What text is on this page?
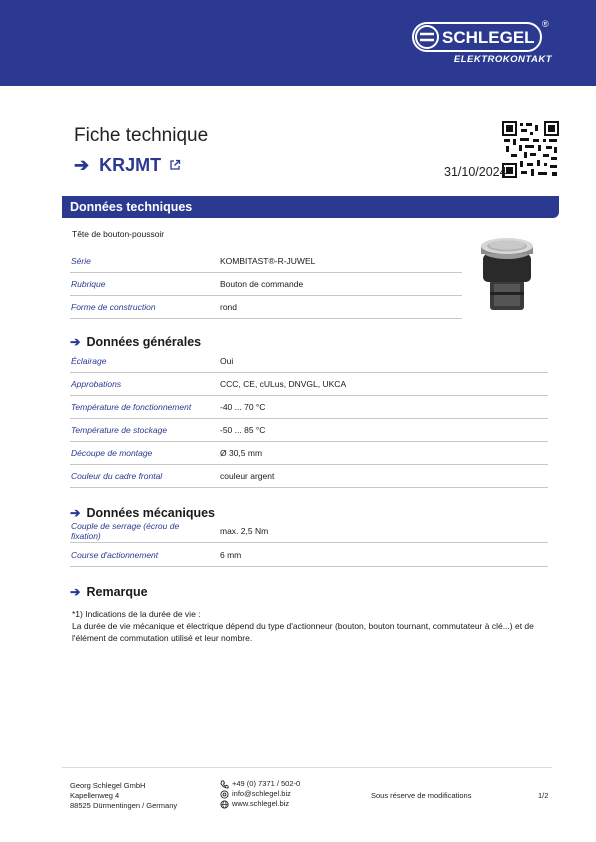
SCHLEGEL
®
ELEKTROKONTAKT
Fiche technique
➔ KRJMT	31/10/2024
Données techniques
Tête de bouton-poussoir
Série	KOMBITAST®-R-JUWEL
Rubrique	Bouton de commande
Forme de construction	rond
➔ Données générales
Éclairage	Oui
Approbations	CCC, CE, cULus, DNVGL, UKCA
Température de fonctionnement	-40 ... 70 °C
Température de stockage	-50 ... 85 °C
Découpe de montage	Ø 30,5 mm
Couleur du cadre frontal	couleur argent
➔ Données mécaniques
Couple de serrage (écrou de fixation)	max. 2,5 Nm
Course d'actionnement	6 mm
➔ Remarque
*1) Indications de la durée de vie :
La durée de vie mécanique et électrique dépend du type d'actionneur (bouton, bouton tournant, commutateur à clé...) et de
l'élément de commutation utilisé et leur nombre.
Georg Schlegel GmbH
Kapellenweg 4
88525 Dürmentingen / Germany
+49 (0) 7371 / 502-0
info@schlegel.biz
www.schlegel.biz
Sous réserve de modifications	1/2
